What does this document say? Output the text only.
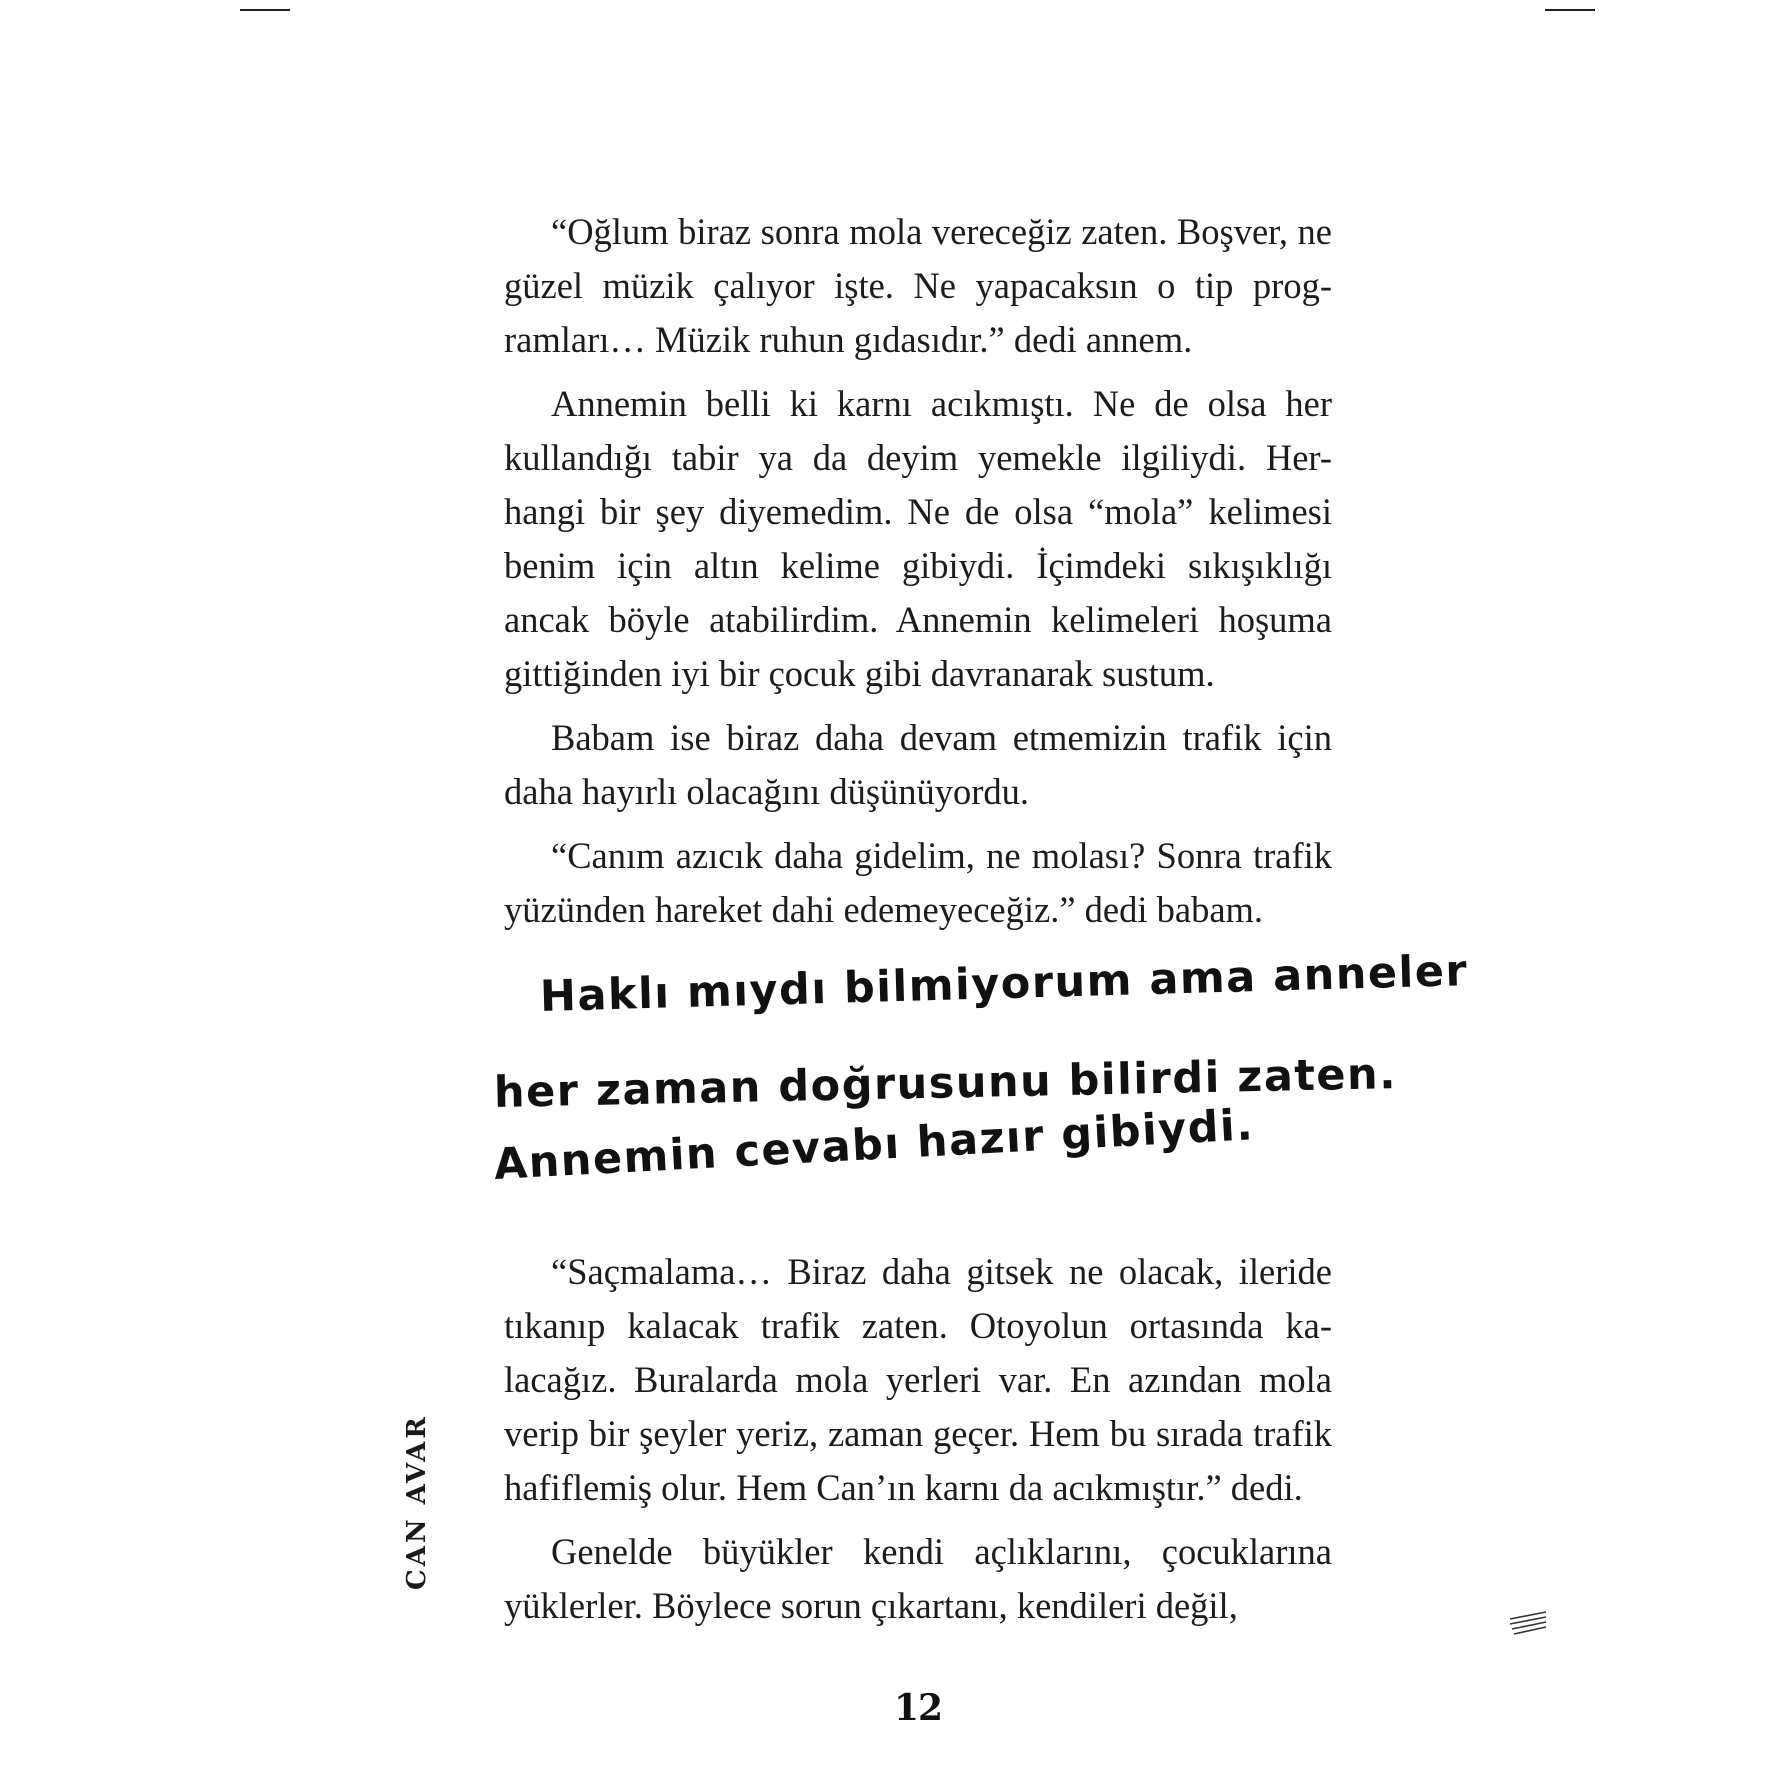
“Oğlum biraz sonra mola vereceğiz zaten. Boşver, ne güzel müzik çalıyor işte. Ne yapacaksın o tip prog-ramları… Müzik ruhun gıdasıdır.” dedi annem.

Annemin belli ki karnı acıkmıştı. Ne de olsa her kullandığı tabir ya da deyim yemekle ilgiliydi. Her-hangi bir şey diyemedim. Ne de olsa “mola” kelimesi benim için altın kelime gibiydi. İçimdeki sıkışıklığı ancak böyle atabilirdim. Annemin kelimeleri hoşuma gittiğinden iyi bir çocuk gibi davranarak sustum.

Babam ise biraz daha devam etmemizin trafik için daha hayırlı olacağını düşünüyordu.

“Canım azıcık daha gidelim, ne molası? Sonra trafik yüzünden hareket dahi edemeyeceğiz.” dedi babam.

Haklı mıydı bilmiyorum ama anneler
her zaman doğrusunu bilirdi zaten.
Annemin cevabı hazır gibiydi.

“Saçmalama… Biraz daha gitsek ne olacak, ileride tıkanıp kalacak trafik zaten. Otoyolun ortasında ka-lacağız. Buralarda mola yerleri var. En azından mola verip bir şeyler yeriz, zaman geçer. Hem bu sırada trafik hafiflemiş olur. Hem Can’ın karnı da acıkmıştır.” dedi.

Genelde büyükler kendi açlıklarını, çocuklarına yüklerler. Böylece sorun çıkartanı, kendileri değil,

CAN AVAR
12
